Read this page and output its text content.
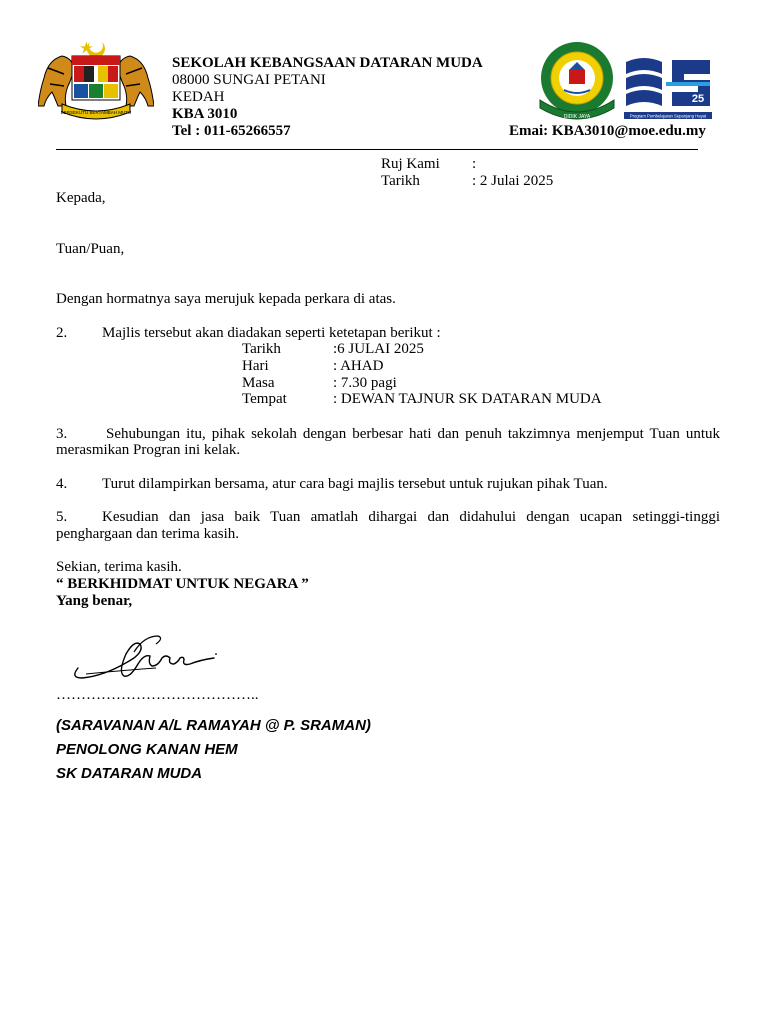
BERSEKUTU BERTAMBAH MUTU
SEKOLAH KEBANGSAAN DATARAN MUDA
08000 SUNGAI PETANI
KEDAH
KBA 3010
Tel : 011-65266557	Emai: KBA3010@moe.edu.my
DIDIK JAYA
25
Program Pembelajaran Sepanjang Hayat
Ruj Kami :
Tarikh	: 2 Julai 2025
Kepada,
Tuan/Puan,
Dengan hormatnya saya merujuk kepada perkara di atas.
2. Majlis tersebut akan diadakan seperti ketetapan berikut :
Tarikh	:6 JULAI 2025
Hari	: AHAD
Masa	: 7.30 pagi
Tempat	: DEWAN TAJNUR SK DATARAN MUDA
3.	Sehubungan itu, pihak sekolah dengan berbesar hati dan penuh takzimnya menjemput Tuan untuk
merasmikan Progran ini kelak.
4. Turut dilampirkan bersama, atur cara bagi majlis tersebut untuk rujukan pihak Tuan.
5. Kesudian dan jasa baik Tuan amatlah dihargai dan didahului dengan ucapan setinggi-tinggi
penghargaan dan terima kasih.
Sekian, terima kasih.
“ BERKHIDMAT UNTUK NEGARA ”
Yang benar,
…………………………………..
(SARAVANAN A/L RAMAYAH @ P. SRAMAN)
PENOLONG KANAN HEM
SK DATARAN MUDA
